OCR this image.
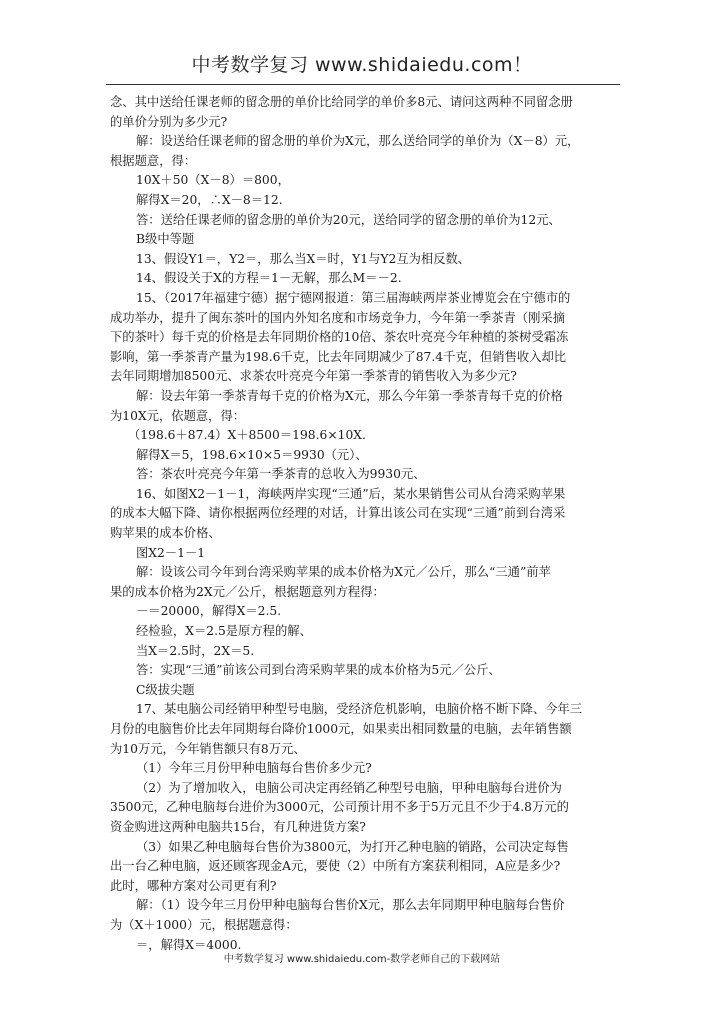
中考数学复习 www.shidaiedu.com！
念、其中送给任课老师的留念册的单价比给同学的单价多8元、请问这两种不同留念册
的单价分别为多少元?
解：设送给任课老师的留念册的单价为X元，那么送给同学的单价为（X－8）元，
根据题意，得：
10X＋50（X－8）＝800，
解得X＝20，∴X－8＝12.
答：送给任课老师的留念册的单价为20元，送给同学的留念册的单价为12元、
B级中等题
13、假设Y1＝，Y2＝，那么当X＝时，Y1与Y2互为相反数、
14、假设关于X的方程＝1－无解，那么M＝－2.
15、（2017年福建宁德）据宁德网报道：第三届海峡两岸茶业博览会在宁德市的
成功举办，提升了闽东茶叶的国内外知名度和市场竞争力，今年第一季茶青（刚采摘
下的茶叶）每千克的价格是去年同期价格的10倍、茶农叶亮亮今年种植的茶树受霜冻
影响，第一季茶青产量为198.6千克，比去年同期减少了87.4千克，但销售收入却比
去年同期增加8500元、求茶农叶亮亮今年第一季茶青的销售收入为多少元?
解：设去年第一季茶青每千克的价格为X元，那么今年第一季茶青每千克的价格
为10X元，依题意，得：
（198.6＋87.4）X＋8500＝198.6×10X.
解得X＝5，198.6×10×5＝9930（元）、
答：茶农叶亮亮今年第一季茶青的总收入为9930元、
16、如图X2－1－1，海峡两岸实现“三通”后，某水果销售公司从台湾采购苹果
的成本大幅下降、请你根据两位经理的对话，计算出该公司在实现“三通”前到台湾采
购苹果的成本价格、
图X2－1－1
解：设该公司今年到台湾采购苹果的成本价格为X元／公斤，那么“三通”前苹
果的成本价格为2X元／公斤，根据题意列方程得：
－＝20000，解得X＝2.5.
经检验，X＝2.5是原方程的解、
当X＝2.5时，2X＝5.
答：实现“三通”前该公司到台湾采购苹果的成本价格为5元／公斤、
C级拔尖题
17、某电脑公司经销甲种型号电脑，受经济危机影响，电脑价格不断下降、今年三
月份的电脑售价比去年同期每台降价1000元，如果卖出相同数量的电脑，去年销售额
为10万元，今年销售额只有8万元、
（1）今年三月份甲种电脑每台售价多少元?
（2）为了增加收入，电脑公司决定再经销乙种型号电脑，甲种电脑每台进价为
3500元，乙种电脑每台进价为3000元，公司预计用不多于5万元且不少于4.8万元的
资金购进这两种电脑共15台，有几种进货方案?
（3）如果乙种电脑每台售价为3800元，为打开乙种电脑的销路，公司决定每售
出一台乙种电脑，返还顾客现金A元，要使（2）中所有方案获利相同，A应是多少?
此时，哪种方案对公司更有利?
解：（1）设今年三月份甲种电脑每台售价X元，那么去年同期甲种电脑每台售价
为（X＋1000）元，根据题意得：
＝，解得X＝4000.
中考数学复习 www.shidaiedu.com-数学老师自己的下载网站
